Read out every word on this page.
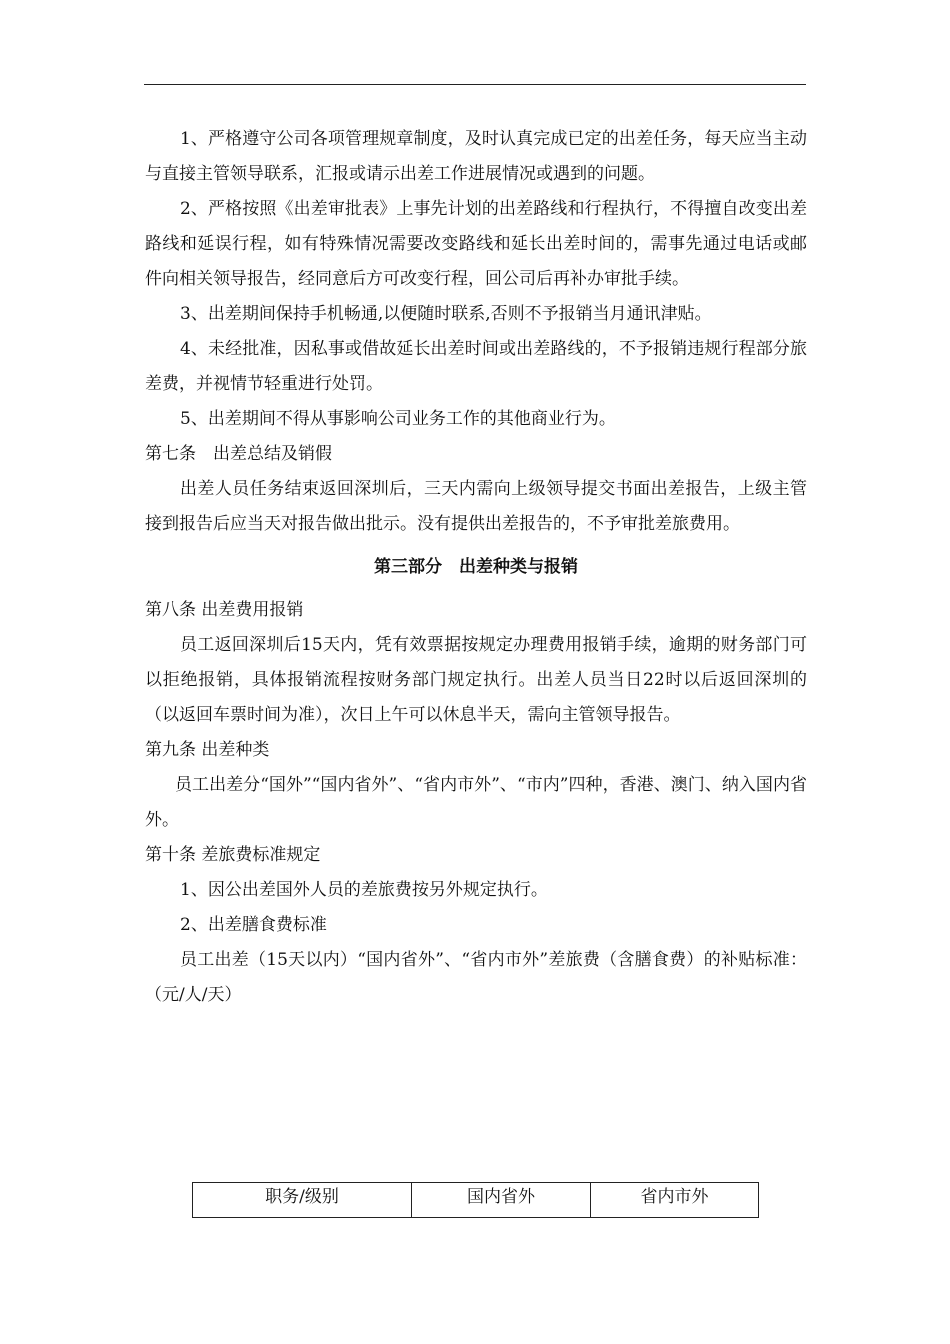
1、严格遵守公司各项管理规章制度，及时认真完成已定的出差任务，每天应当主动与直接主管领导联系，汇报或请示出差工作进展情况或遇到的问题。

2、严格按照《出差审批表》上事先计划的出差路线和行程执行，不得擅自改变出差路线和延误行程，如有特殊情况需要改变路线和延长出差时间的，需事先通过电话或邮件向相关领导报告，经同意后方可改变行程，回公司后再补办审批手续。

3、出差期间保持手机畅通,以便随时联系,否则不予报销当月通讯津贴。

4、未经批准，因私事或借故延长出差时间或出差路线的，不予报销违规行程部分旅差费，并视情节轻重进行处罚。

5、出差期间不得从事影响公司业务工作的其他商业行为。

第七条　出差总结及销假

出差人员任务结束返回深圳后，三天内需向上级领导提交书面出差报告，上级主管接到报告后应当天对报告做出批示。没有提供出差报告的，不予审批差旅费用。

第三部分　出差种类与报销

第八条 出差费用报销

员工返回深圳后15天内，凭有效票据按规定办理费用报销手续，逾期的财务部门可以拒绝报销，具体报销流程按财务部门规定执行。出差人员当日22时以后返回深圳的（以返回车票时间为准），次日上午可以休息半天，需向主管领导报告。

第九条 出差种类

员工出差分“国外”“国内省外”、“省内市外”、“市内”四种，香港、澳门、纳入国内省外。

第十条 差旅费标准规定

1、因公出差国外人员的差旅费按另外规定执行。

2、出差膳食费标准

员工出差（15天以内）“国内省外”、“省内市外”差旅费（含膳食费）的补贴标准：（元/人/天）

职务/级别	国内省外	省内市外
